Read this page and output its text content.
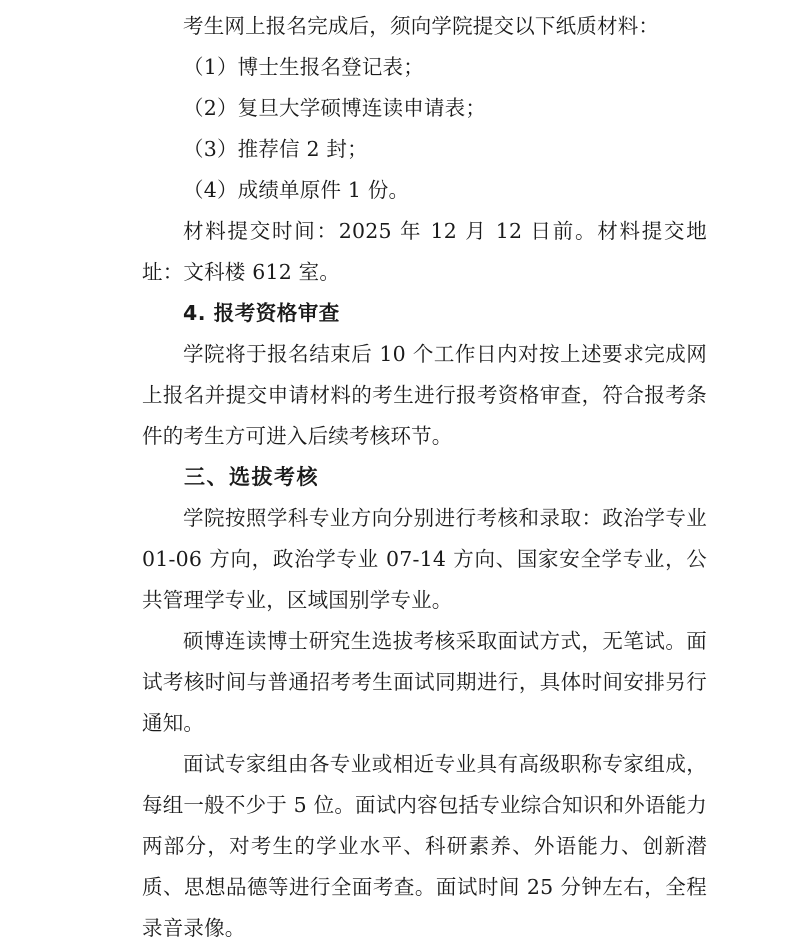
考生网上报名完成后，须向学院提交以下纸质材料：

（1）博士生报名登记表；

（2）复旦大学硕博连读申请表；

（3）推荐信 2 封；

（4）成绩单原件 1 份。

材料提交时间：2025 年 12 月 12 日前。材料提交地址：文科楼 612 室。

4. 报考资格审查

学院将于报名结束后 10 个工作日内对按上述要求完成网上报名并提交申请材料的考生进行报考资格审查，符合报考条件的考生方可进入后续考核环节。

三、选拔考核

学院按照学科专业方向分别进行考核和录取：政治学专业 01-06 方向，政治学专业 07-14 方向、国家安全学专业，公共管理学专业，区域国别学专业。

硕博连读博士研究生选拔考核采取面试方式，无笔试。面试考核时间与普通招考考生面试同期进行，具体时间安排另行通知。

面试专家组由各专业或相近专业具有高级职称专家组成，每组一般不少于 5 位。面试内容包括专业综合知识和外语能力两部分，对考生的学业水平、科研素养、外语能力、创新潜质、思想品德等进行全面考查。面试时间 25 分钟左右，全程录音录像。
